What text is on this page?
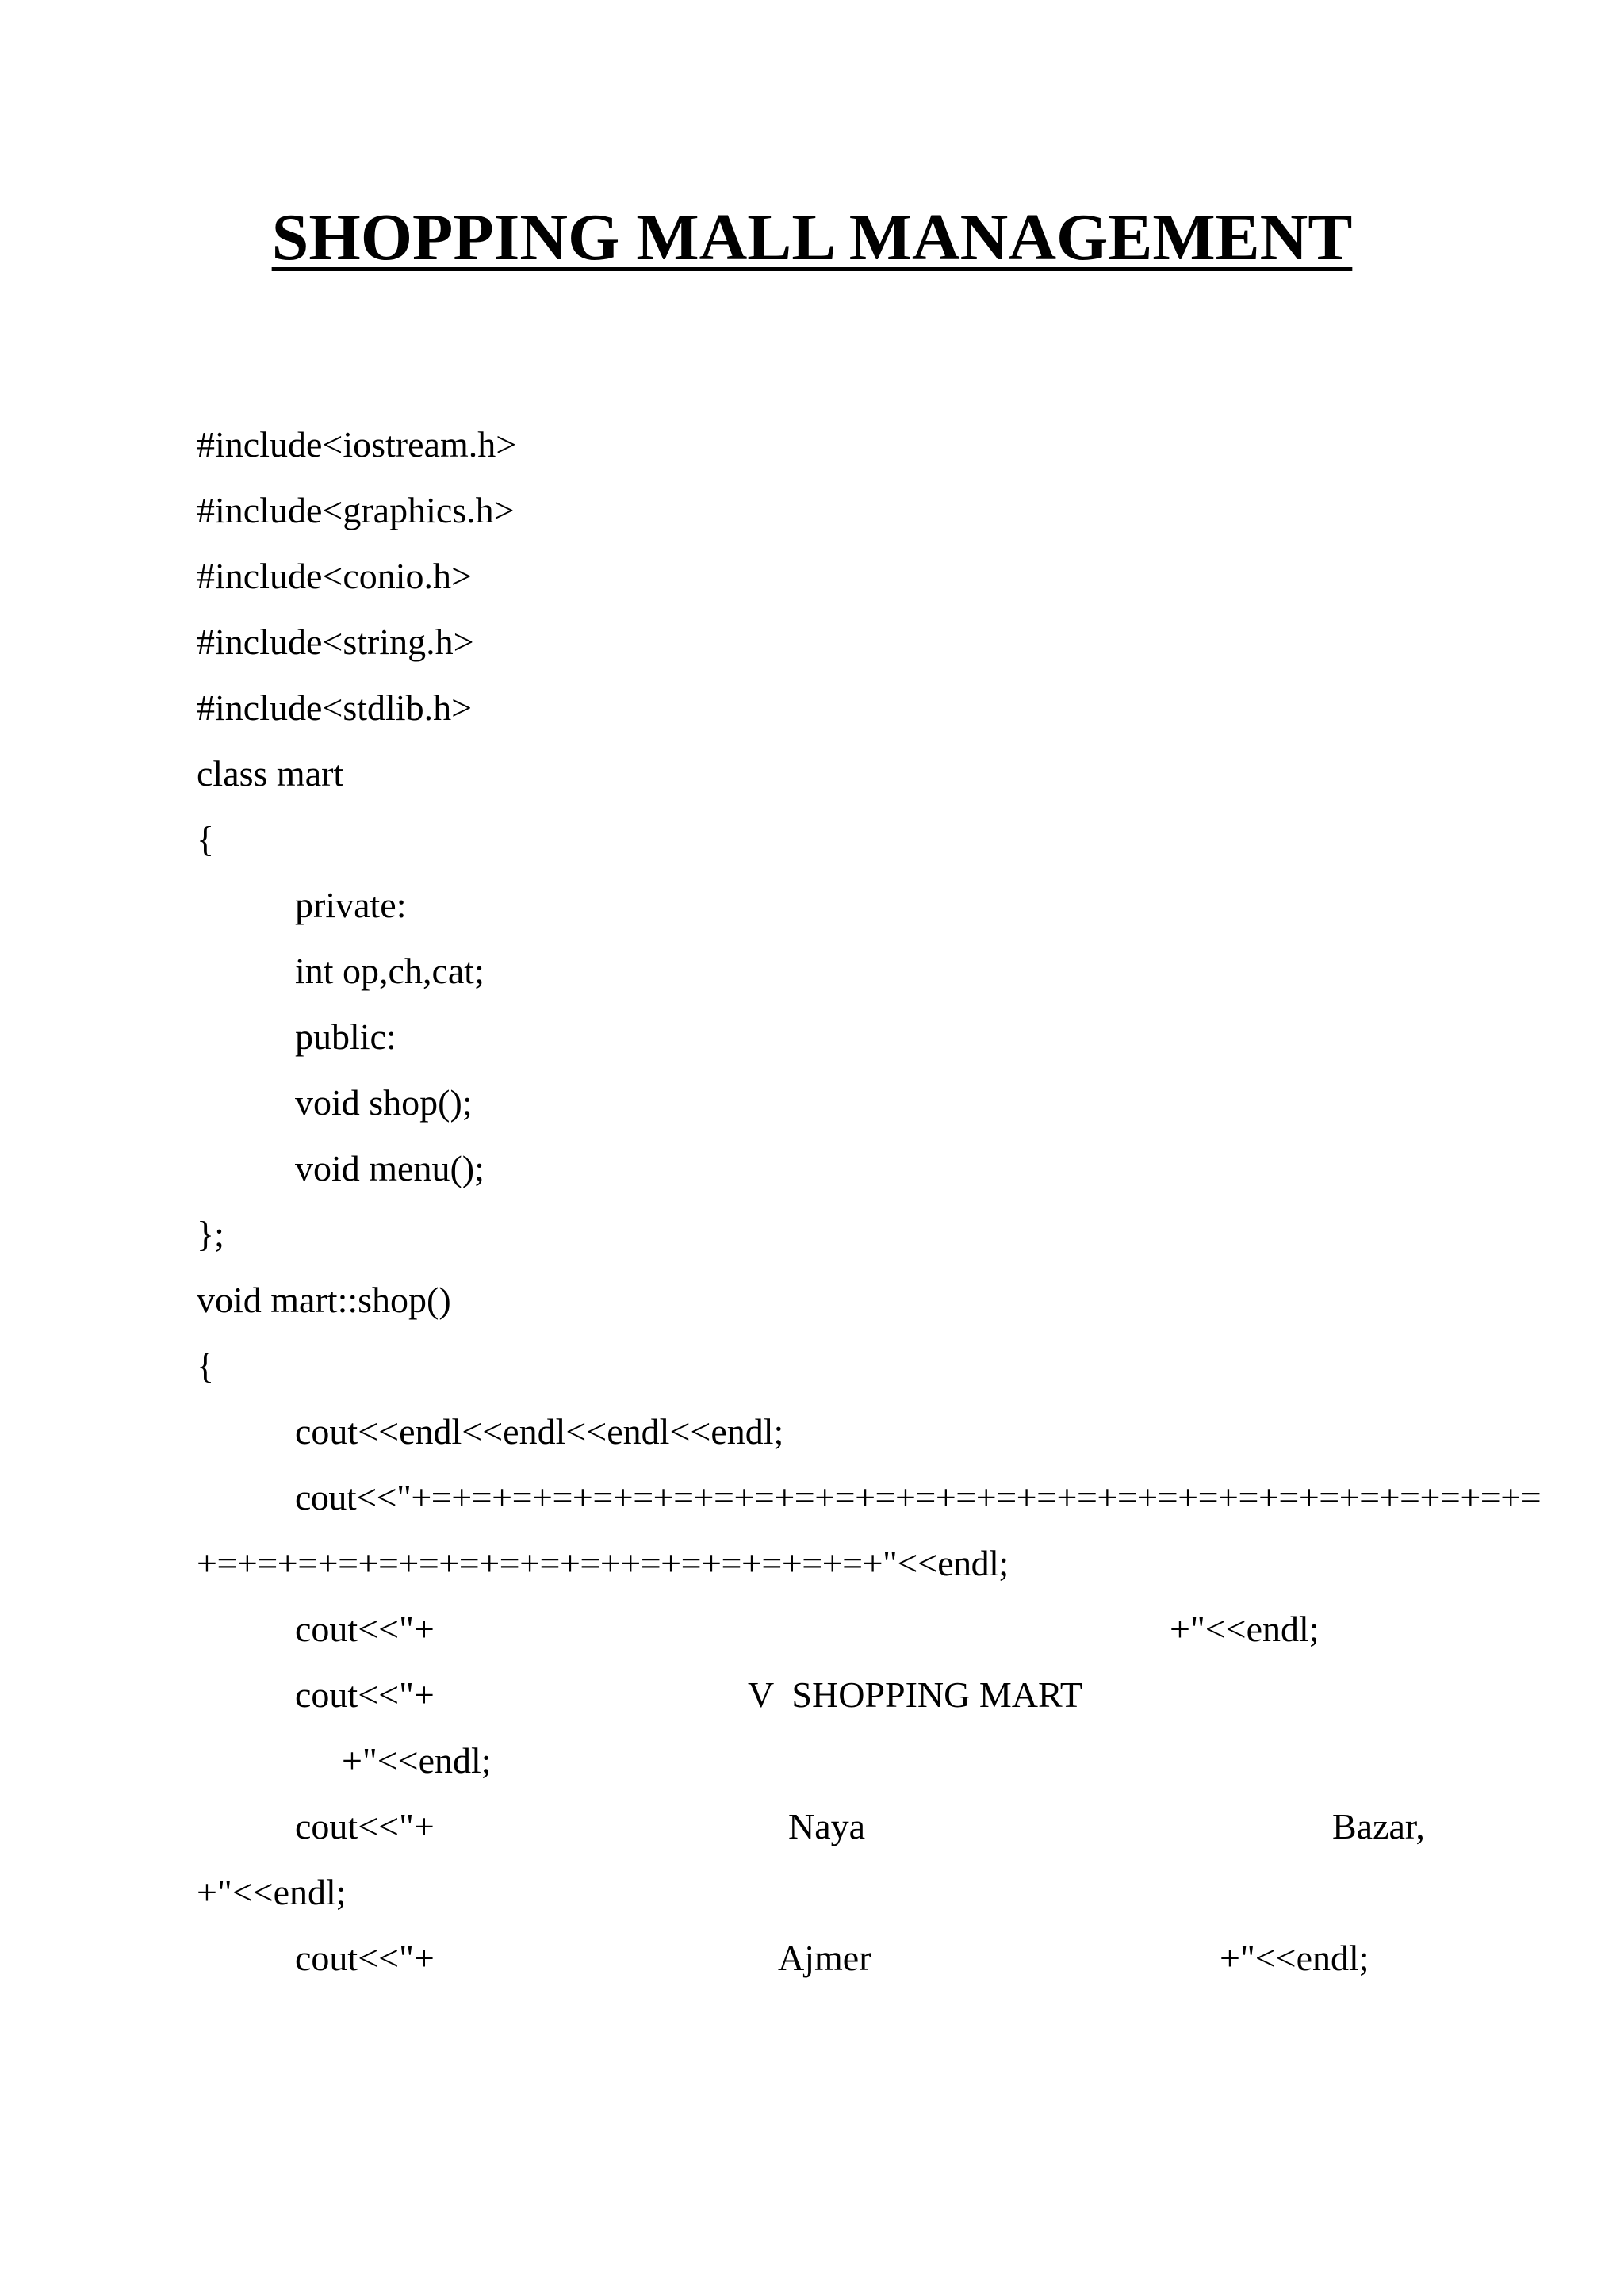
SHOPPING MALL MANAGEMENT
#include<iostream.h>
#include<graphics.h>
#include<conio.h>
#include<string.h>
#include<stdlib.h>
class mart
{
private:
int op,ch,cat;
public:
void shop();
void menu();
};
void mart::shop()
{
cout<<endl<<endl<<endl<<endl;
cout<<"+=+=+=+=+=+=+=+=+=+=+=+=+=+=+=+=+=+=+=+=+=+=+=+=+=+=+=+=
+=+=+=+=+=+=+=+=+=+=++=+=+=+=+=+=+"<<endl;

cout<<"+

	+"<<endl;

cout<<"+

	V  SHOPPING MART

+"<<endl;

cout<<"+

	Naya

	Bazar,

+"<<endl;

cout<<"+

	Ajmer

	+"<<endl;
